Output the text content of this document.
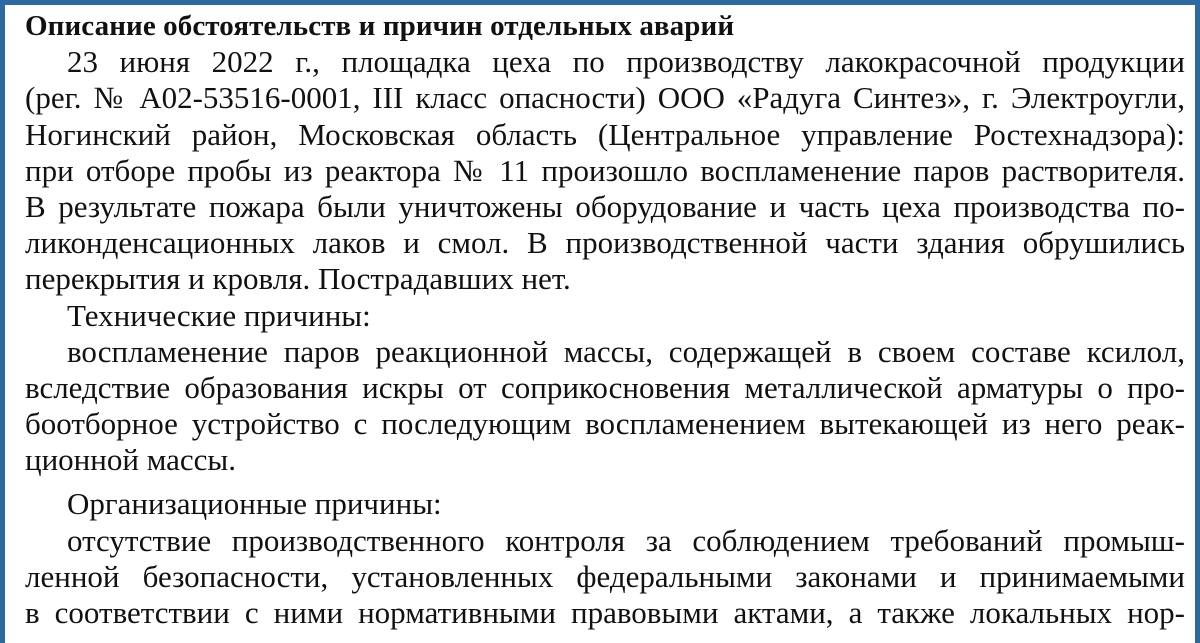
Описание обстоятельств и причин отдельных аварий
23 июня 2022 г., площадка цеха по производству лакокрасочной продукции
(рег. № А02-53516-0001, III класс опасности) ООО «Радуга Синтез», г. Электроугли,
Ногинский район, Московская область (Центральное управление Ростехнадзора):
при отборе пробы из реактора № 11 произошло воспламенение паров растворителя.
В результате пожара были уничтожены оборудование и часть цеха производства по-
ликонденсационных лаков и смол. В производственной части здания обрушились
перекрытия и кровля. Пострадавших нет.
Технические причины:
воспламенение паров реакционной массы, содержащей в своем составе ксилол,
вследствие образования искры от соприкосновения металлической арматуры о про-
боотборное устройство с последующим воспламенением вытекающей из него реак-
ционной массы.
Организационные причины:
отсутствие производственного контроля за соблюдением требований промыш-
ленной безопасности, установленных федеральными законами и принимаемыми
в соответствии с ними нормативными правовыми актами, а также локальных нор-
